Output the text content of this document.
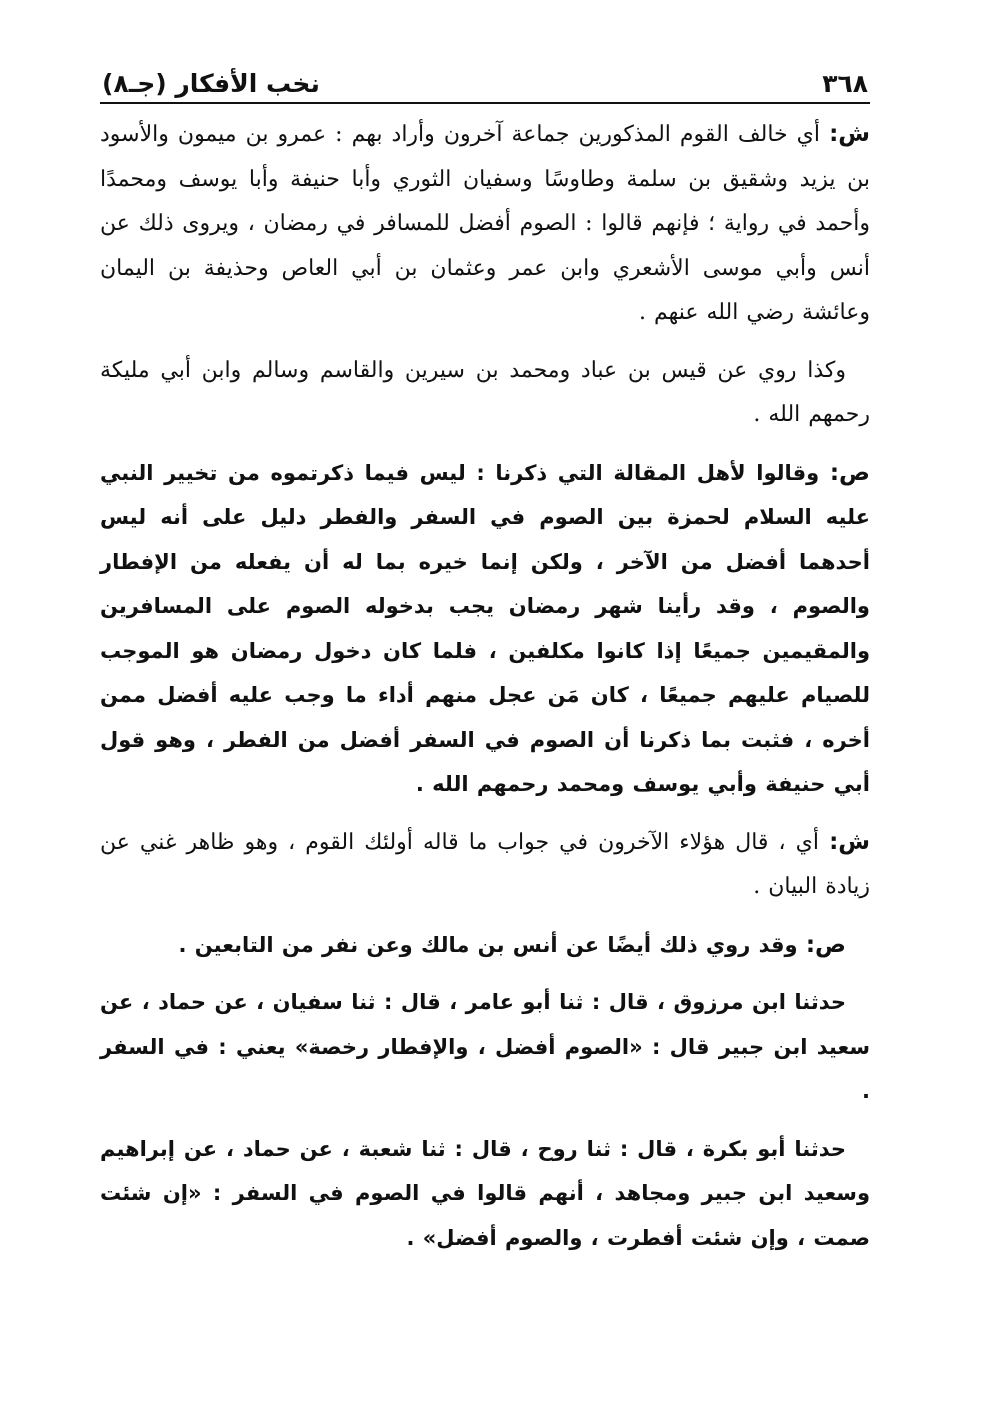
٣٦٨
نخب الأفكار (جـ٨)

ش: أي خالف القوم المذكورين جماعة آخرون وأراد بهم : عمرو بن ميمون والأسود بن يزيد وشقيق بن سلمة وطاوسًا وسفيان الثوري وأبا حنيفة وأبا يوسف ومحمدًا وأحمد في رواية ؛ فإنهم قالوا : الصوم أفضل للمسافر في رمضان ، ويروى ذلك عن أنس وأبي موسى الأشعري وابن عمر وعثمان بن أبي العاص وحذيفة بن اليمان وعائشة رضي الله عنهم .

وكذا روي عن قيس بن عباد ومحمد بن سيرين والقاسم وسالم وابن أبي مليكة رحمهم الله .

ص: وقالوا لأهل المقالة التي ذكرنا : ليس فيما ذكرتموه من تخيير النبي عليه السلام لحمزة بين الصوم في السفر والفطر دليل على أنه ليس أحدهما أفضل من الآخر ، ولكن إنما خيره بما له أن يفعله من الإفطار والصوم ، وقد رأينا شهر رمضان يجب بدخوله الصوم على المسافرين والمقيمين جميعًا إذا كانوا مكلفين ، فلما كان دخول رمضان هو الموجب للصيام عليهم جميعًا ، كان مَن عجل منهم أداء ما وجب عليه أفضل ممن أخره ، فثبت بما ذكرنا أن الصوم في السفر أفضل من الفطر ، وهو قول أبي حنيفة وأبي يوسف ومحمد رحمهم الله .

ش: أي ، قال هؤلاء الآخرون في جواب ما قاله أولئك القوم ، وهو ظاهر غني عن زيادة البيان .

ص: وقد روي ذلك أيضًا عن أنس بن مالك وعن نفر من التابعين .

حدثنا ابن مرزوق ، قال : ثنا أبو عامر ، قال : ثنا سفيان ، عن حماد ، عن سعيد ابن جبير قال : «الصوم أفضل ، والإفطار رخصة» يعني : في السفر .

حدثنا أبو بكرة ، قال : ثنا روح ، قال : ثنا شعبة ، عن حماد ، عن إبراهيم وسعيد ابن جبير ومجاهد ، أنهم قالوا في الصوم في السفر : «إن شئت صمت ، وإن شئت أفطرت ، والصوم أفضل» .
